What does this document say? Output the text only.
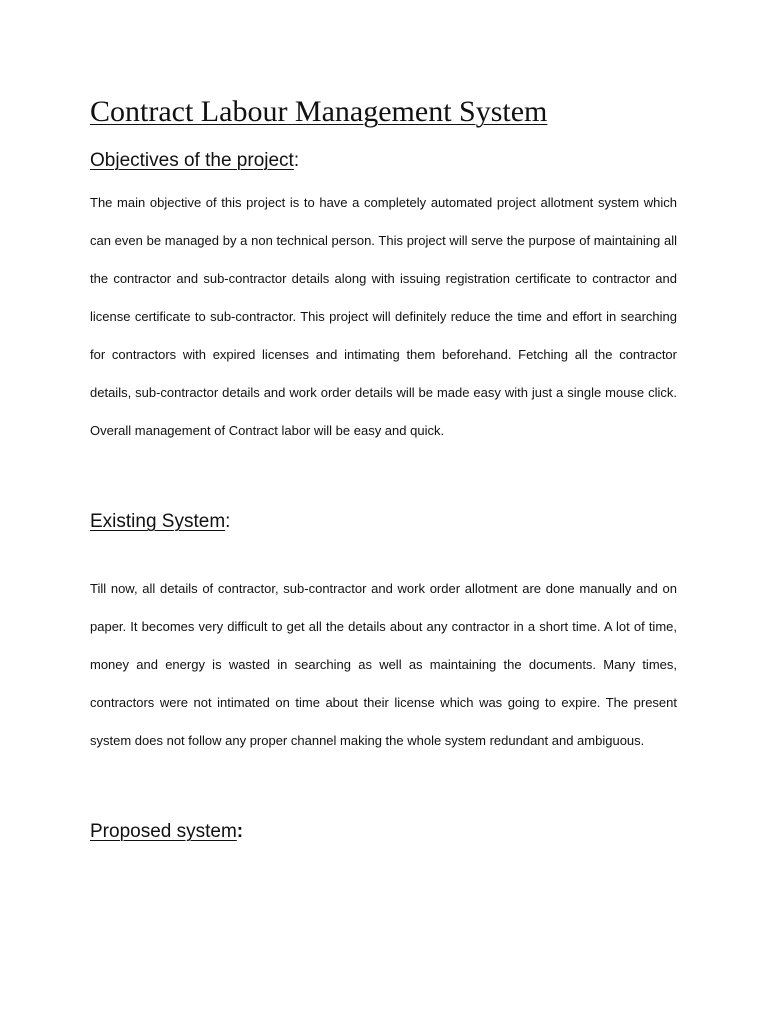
Contract Labour Management System
Objectives of the project:

The main objective of this project is to have a completely automated project allotment system which can even be managed by a non technical person. This project will serve the purpose of maintaining all the contractor and sub-contractor details along with issuing registration certificate to contractor and license certificate to sub-contractor. This project will definitely reduce the time and effort in searching for contractors with expired licenses and intimating them beforehand. Fetching all the contractor details, sub-contractor details and work order details will be made easy with just a single mouse click. Overall management of Contract labor will be easy and quick.

Existing System:

Till now, all details of contractor, sub-contractor and work order allotment are done manually and on paper. It becomes very difficult to get all the details about any contractor in a short time. A lot of time, money and energy is wasted in searching as well as maintaining the documents. Many times, contractors were not intimated on time about their license which was going to expire. The present system does not follow any proper channel making the whole system redundant and ambiguous.

Proposed system:
